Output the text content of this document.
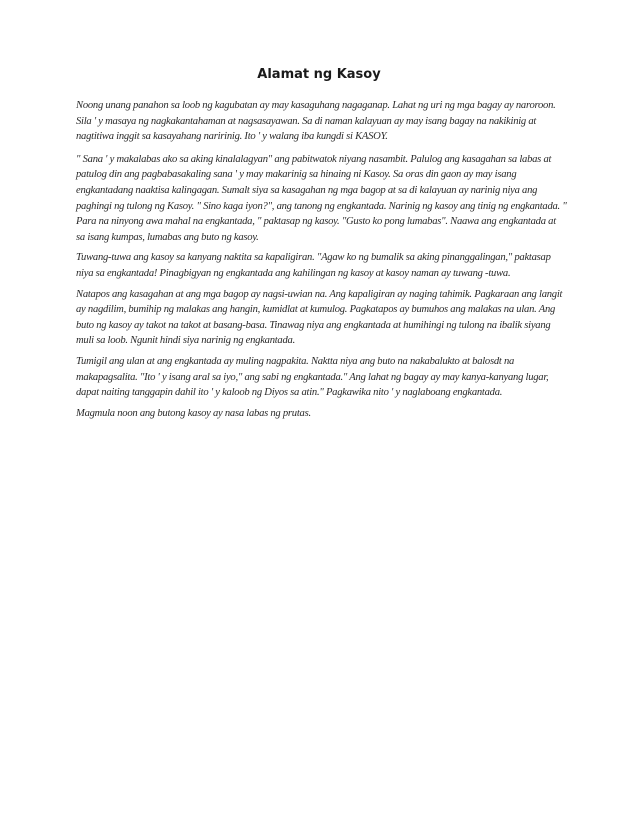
Alamat ng Kasoy

Noong unang panahon sa loob ng kagubatan ay may kasaguhang nagaganap. Lahat ng uri ng mga bagay ay naroroon. Sila ' y masaya ng nagkakantahaman at nagsasayawan. Sa di naman kalayuan ay may isang bagay na nakikinig at nagtitiwa inggit sa kasayahang naririnig. Ito ' y walang iba kungdi si KASOY.

" Sana ' y makalabas ako sa aking kinalalagyan" ang pabitwatok niyang nasambit. Palulog ang kasagahan sa labas at patulog din ang pagbabasakaling sana ' y may makarinig sa hinaing ni Kasoy. Sa oras din gaon ay may isang engkantadang naaktisa kalingagan. Sumalt siya sa kasagahan ng mga bagop at sa di kalayuan ay narinig niya ang paghingi ng tulong ng Kasoy. " Sino kaga iyon?", ang tanong ng engkantada. Narinig ng kasoy ang tinig ng engkantada. " Para na ninyong awa mahal na engkantada, " paktasap ng kasoy. "Gusto ko pong lumabas". Naawa ang engkantada at sa isang kumpas, lumabas ang buto ng kasoy.

Tuwang-tuwa ang kasoy sa kanyang naktita sa kapaligiran. "Agaw ko ng bumalik sa aking pinanggalingan," paktasap niya sa engkantada! Pinagbigyan ng engkantada ang kahilingan ng kasoy at kasoy naman ay tuwang -tuwa.

Natapos ang kasagahan at ang mga bagop ay nagsi-uwian na. Ang kapaligiran ay naging tahimik. Pagkaraan ang langit ay nagdilim, bumihip ng malakas ang hangin, kumidlat at kumulog. Pagkatapos ay bumuhos ang malakas na ulan. Ang buto ng kasoy ay takot na takot at basang-basa. Tinawag niya ang engkantada at humihingi ng tulong na ibalik siyang muli sa loob. Ngunit hindi siya narinig ng engkantada.

Tumigil ang ulan at ang engkantada ay muling nagpakita. Naktta niya ang buto na nakabalukto at balosdt na makapagsalita. "Ito ' y isang aral sa iyo," ang sabi ng engkantada." Ang lahat ng bagay ay may kanya-kanyang lugar, dapat naiting tanggapin dahil ito ' y kaloob ng Diyos sa atin." Pagkawika nito ' y naglaboang engkantada.

Magmula noon ang butong kasoy ay nasa labas ng prutas.
